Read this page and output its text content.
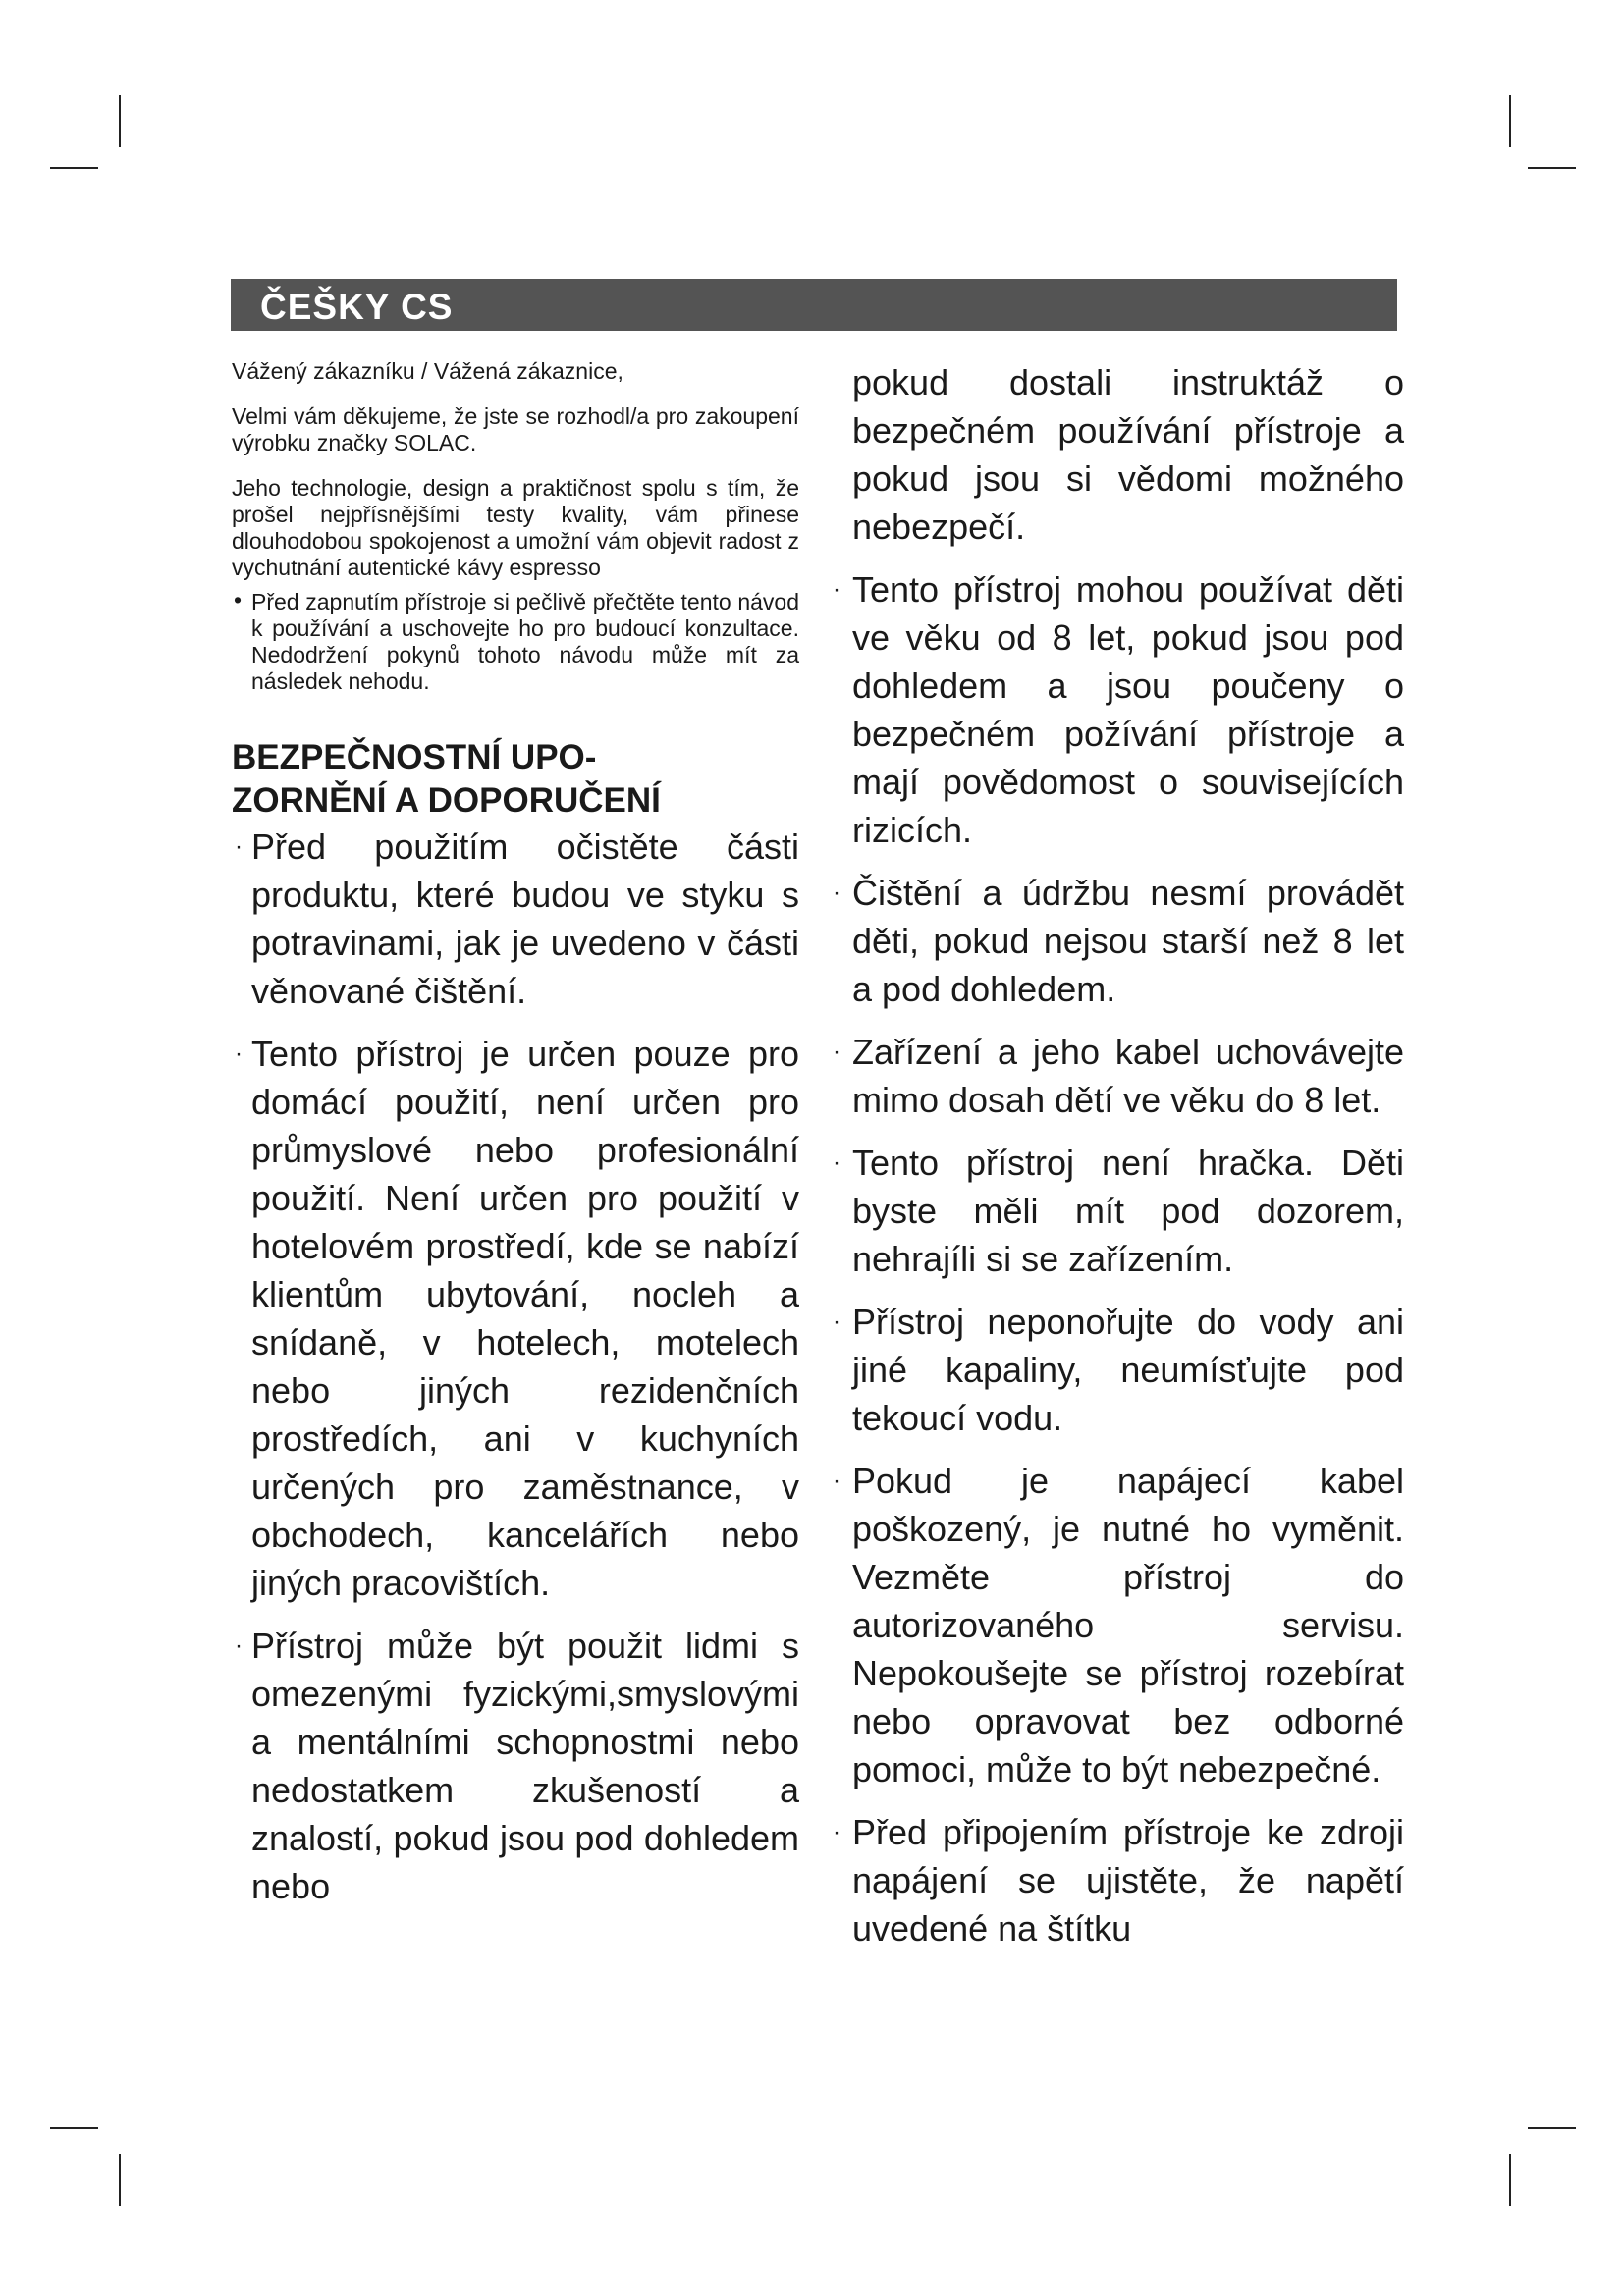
ČEŠKY CS

Vážený zákazníku / Vážená zákaznice,

Velmi vám děkujeme, že jste se rozhodl/a pro zakoupení výrobku značky SOLAC.

Jeho technologie, design a praktičnost spolu s tím, že prošel nejpřísnějšími testy kvality, vám přinese dlouhodobou spokojenost a umožní vám objevit radost z vychutnání autentické kávy espresso

• Před zapnutím přístroje si pečlivě přečtěte tento návod k používání a uschovejte ho pro budoucí konzultace. Nedodržení pokynů tohoto návodu může mít za následek nehodu.
BEZPEČNOSTNÍ UPO-
ZORNĚNÍ A DOPORUČENÍ
· Před použitím očistěte části produktu, které budou ve styku s potravinami, jak je uvedeno v části věnované čištění.
· Tento přístroj je určen pouze pro domácí použití, není určen pro průmyslové nebo profesionální použití. Není určen pro použití v hotelovém prostředí, kde se nabízí klientům ubytování, nocleh a snídaně, v hotelech, motelech nebo jiných rezidenčních prostředích, ani v kuchyních určených pro zaměstnance, v obchodech, kancelářích nebo jiných pracovištích.
· Přístroj může být použit lidmi s omezenými fyzickými,smyslovými a mentálními schopnostmi nebo nedostatkem zkušeností a znalostí, pokud jsou pod dohledem nebo
pokud dostali instruktáž o bezpečném používání přístroje a pokud jsou si vědomi možného nebezpečí.
· Tento přístroj mohou používat děti ve věku od 8 let, pokud jsou pod dohledem a jsou poučeny o bezpečném požívání přístroje a mají povědomost o souvisejících rizicích.
· Čištění a údržbu nesmí provádět děti, pokud nejsou starší než 8 let a pod dohledem.
· Zařízení a jeho kabel uchovávejte mimo dosah dětí ve věku do 8 let.
· Tento přístroj není hračka. Děti byste měli mít pod dozorem, nehrajíli si se zařízením.
· Přístroj neponořujte do vody ani jiné kapaliny, neumísťujte pod tekoucí vodu.
· Pokud je napájecí kabel poškozený, je nutné ho vyměnit. Vezměte přístroj do autorizovaného servisu. Nepokoušejte se přístroj rozebírat nebo opravovat bez odborné pomoci, může to být nebezpečné.
· Před připojením přístroje ke zdroji napájení se ujistěte, že napětí uvedené na štítku
